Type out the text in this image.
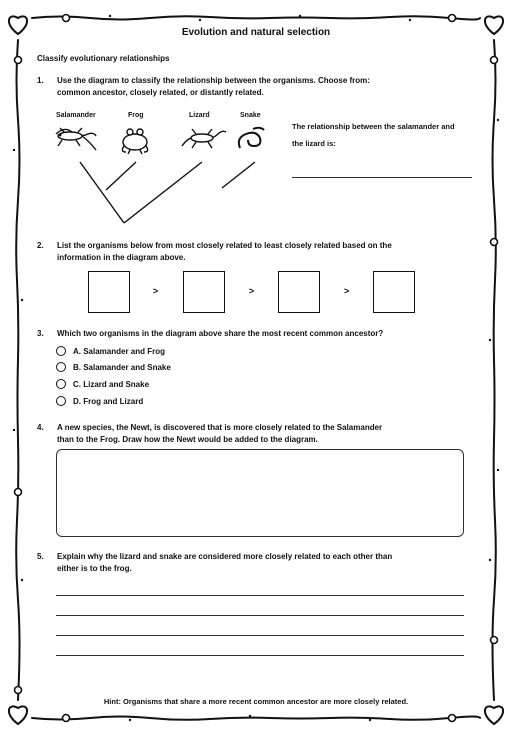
Evolution and natural selection
Classify evolutionary relationships
1. Use the diagram to classify the relationship between the organisms. Choose from:
common ancestor, closely related, or distantly related.
Salamander	Frog	Lizard	Snake
The relationship between the salamander and
the lizard is:
2. List the organisms below from most closely related to least closely related based on the
information in the diagram above.
>	>	>
3. Which two organisms in the diagram above share the most recent common ancestor?
A. Salamander and Frog
B. Salamander and Snake
C. Lizard and Snake
D. Frog and Lizard
4. A new species, the Newt, is discovered that is more closely related to the Salamander
than to the Frog. Draw how the Newt would be added to the diagram.
5. Explain why the lizard and snake are considered more closely related to each other than
either is to the frog.
Hint: Organisms that share a more recent common ancestor are more closely related.
